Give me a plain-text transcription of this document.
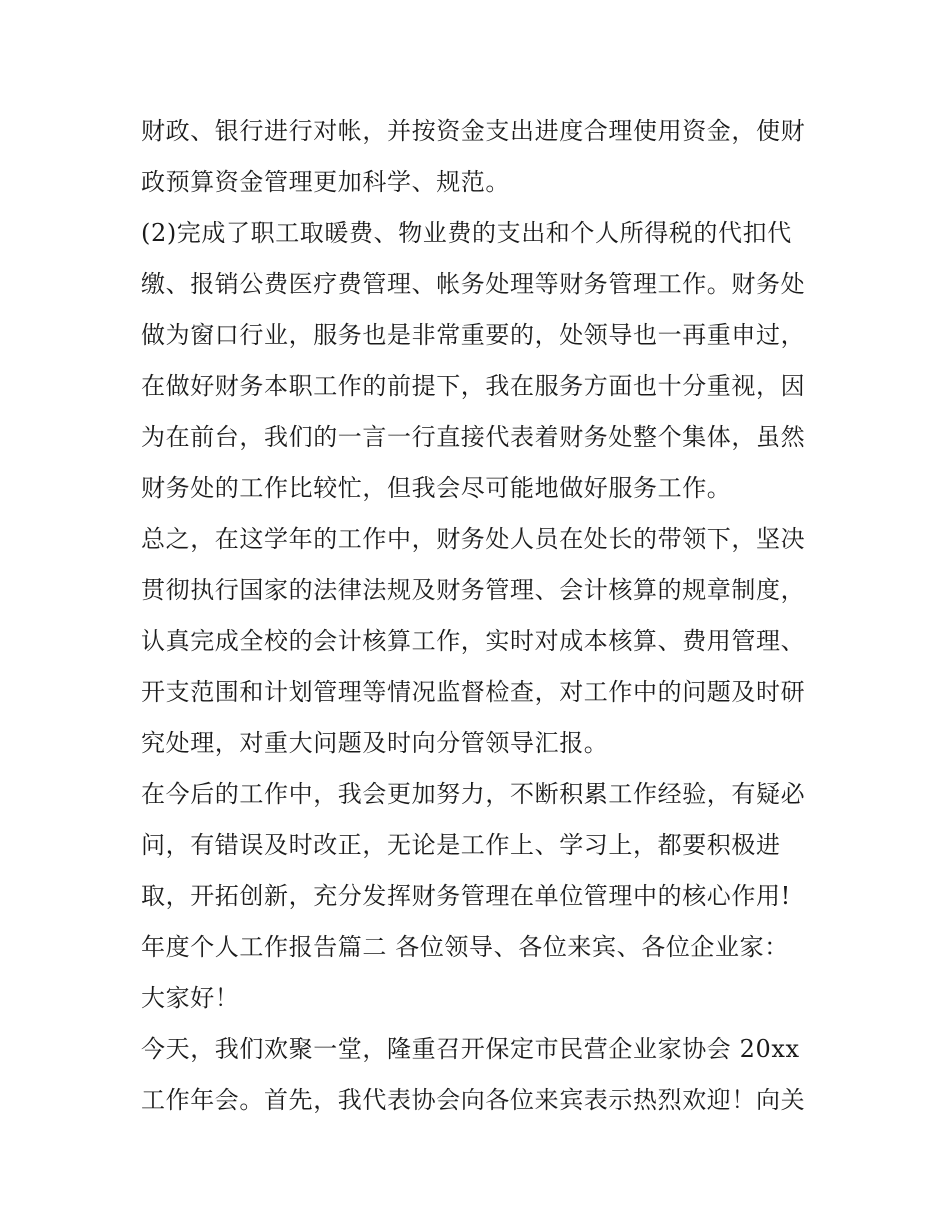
财政、银行进行对帐，并按资金支出进度合理使用资金，使财
政预算资金管理更加科学、规范。
(2)完成了职工取暖费、物业费的支出和个人所得税的代扣代
缴、报销公费医疗费管理、帐务处理等财务管理工作。财务处
做为窗口行业，服务也是非常重要的，处领导也一再重申过，
在做好财务本职工作的前提下，我在服务方面也十分重视，因
为在前台，我们的一言一行直接代表着财务处整个集体，虽然
财务处的工作比较忙，但我会尽可能地做好服务工作。
总之，在这学年的工作中，财务处人员在处长的带领下，坚决
贯彻执行国家的法律法规及财务管理、会计核算的规章制度，
认真完成全校的会计核算工作，实时对成本核算、费用管理、
开支范围和计划管理等情况监督检查，对工作中的问题及时研
究处理，对重大问题及时向分管领导汇报。
在今后的工作中，我会更加努力，不断积累工作经验，有疑必
问，有错误及时改正，无论是工作上、学习上，都要积极进
取，开拓创新，充分发挥财务管理在单位管理中的核心作用!
年度个人工作报告篇二 各位领导、各位来宾、各位企业家：
大家好！
今天，我们欢聚一堂，隆重召开保定市民营企业家协会 20xx
工作年会。首先，我代表协会向各位来宾表示热烈欢迎！向关
